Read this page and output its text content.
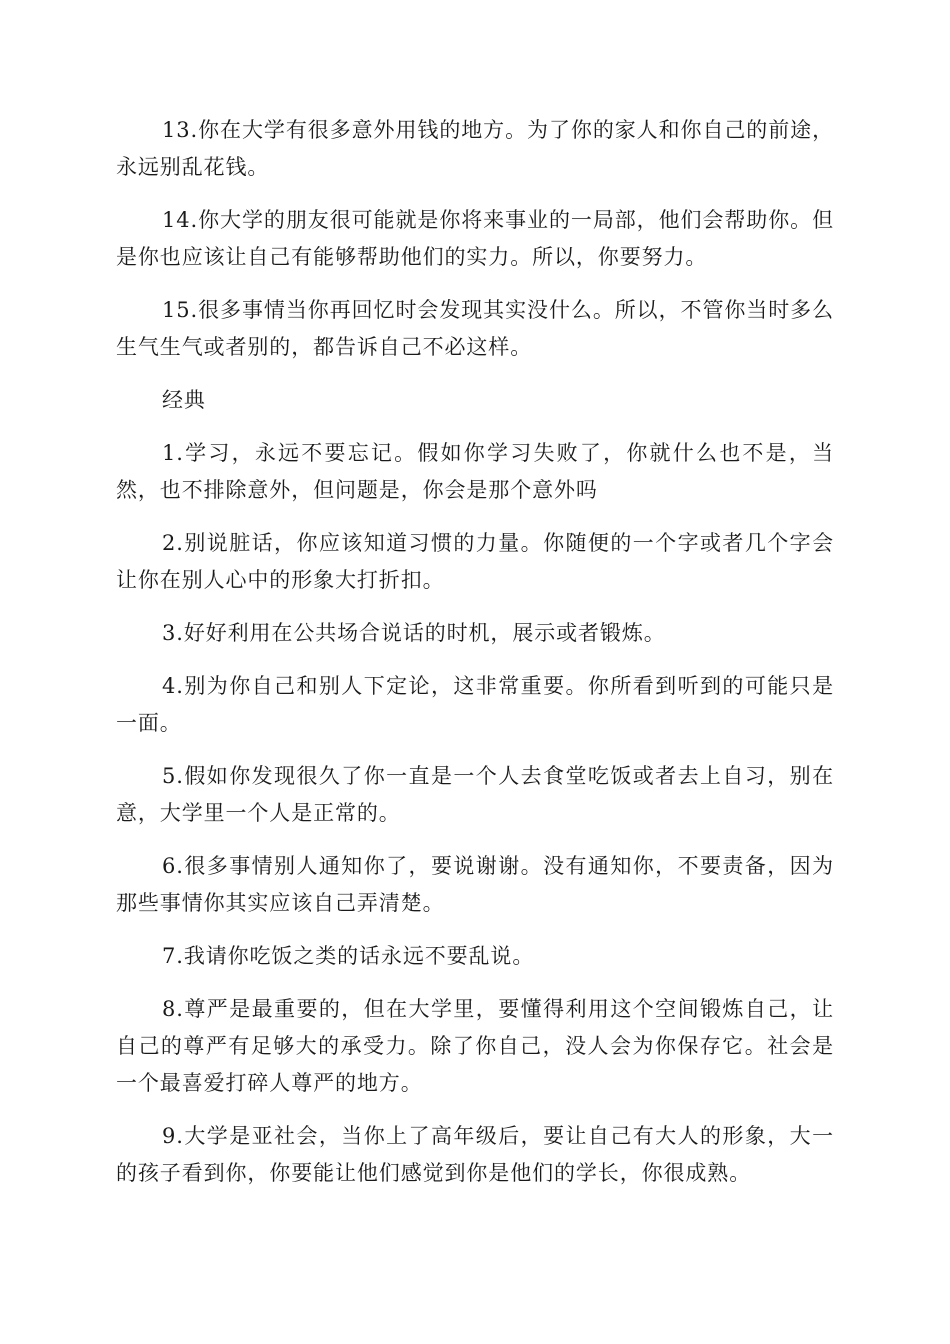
13.你在大学有很多意外用钱的地方。为了你的家人和你自己的前途，永远别乱花钱。

14.你大学的朋友很可能就是你将来事业的一局部，他们会帮助你。但是你也应该让自己有能够帮助他们的实力。所以，你要努力。

15.很多事情当你再回忆时会发现其实没什么。所以，不管你当时多么生气生气或者别的，都告诉自己不必这样。

经典

1.学习，永远不要忘记。假如你学习失败了，你就什么也不是，当然，也不排除意外，但问题是，你会是那个意外吗

2.别说脏话，你应该知道习惯的力量。你随便的一个字或者几个字会让你在别人心中的形象大打折扣。

3.好好利用在公共场合说话的时机，展示或者锻炼。

4.别为你自己和别人下定论，这非常重要。你所看到听到的可能只是一面。

5.假如你发现很久了你一直是一个人去食堂吃饭或者去上自习，别在意，大学里一个人是正常的。

6.很多事情别人通知你了，要说谢谢。没有通知你，不要责备，因为那些事情你其实应该自己弄清楚。

7.我请你吃饭之类的话永远不要乱说。

8.尊严是最重要的，但在大学里，要懂得利用这个空间锻炼自己，让自己的尊严有足够大的承受力。除了你自己，没人会为你保存它。社会是一个最喜爱打碎人尊严的地方。

9.大学是亚社会，当你上了高年级后，要让自己有大人的形象，大一的孩子看到你，你要能让他们感觉到你是他们的学长，你很成熟。
